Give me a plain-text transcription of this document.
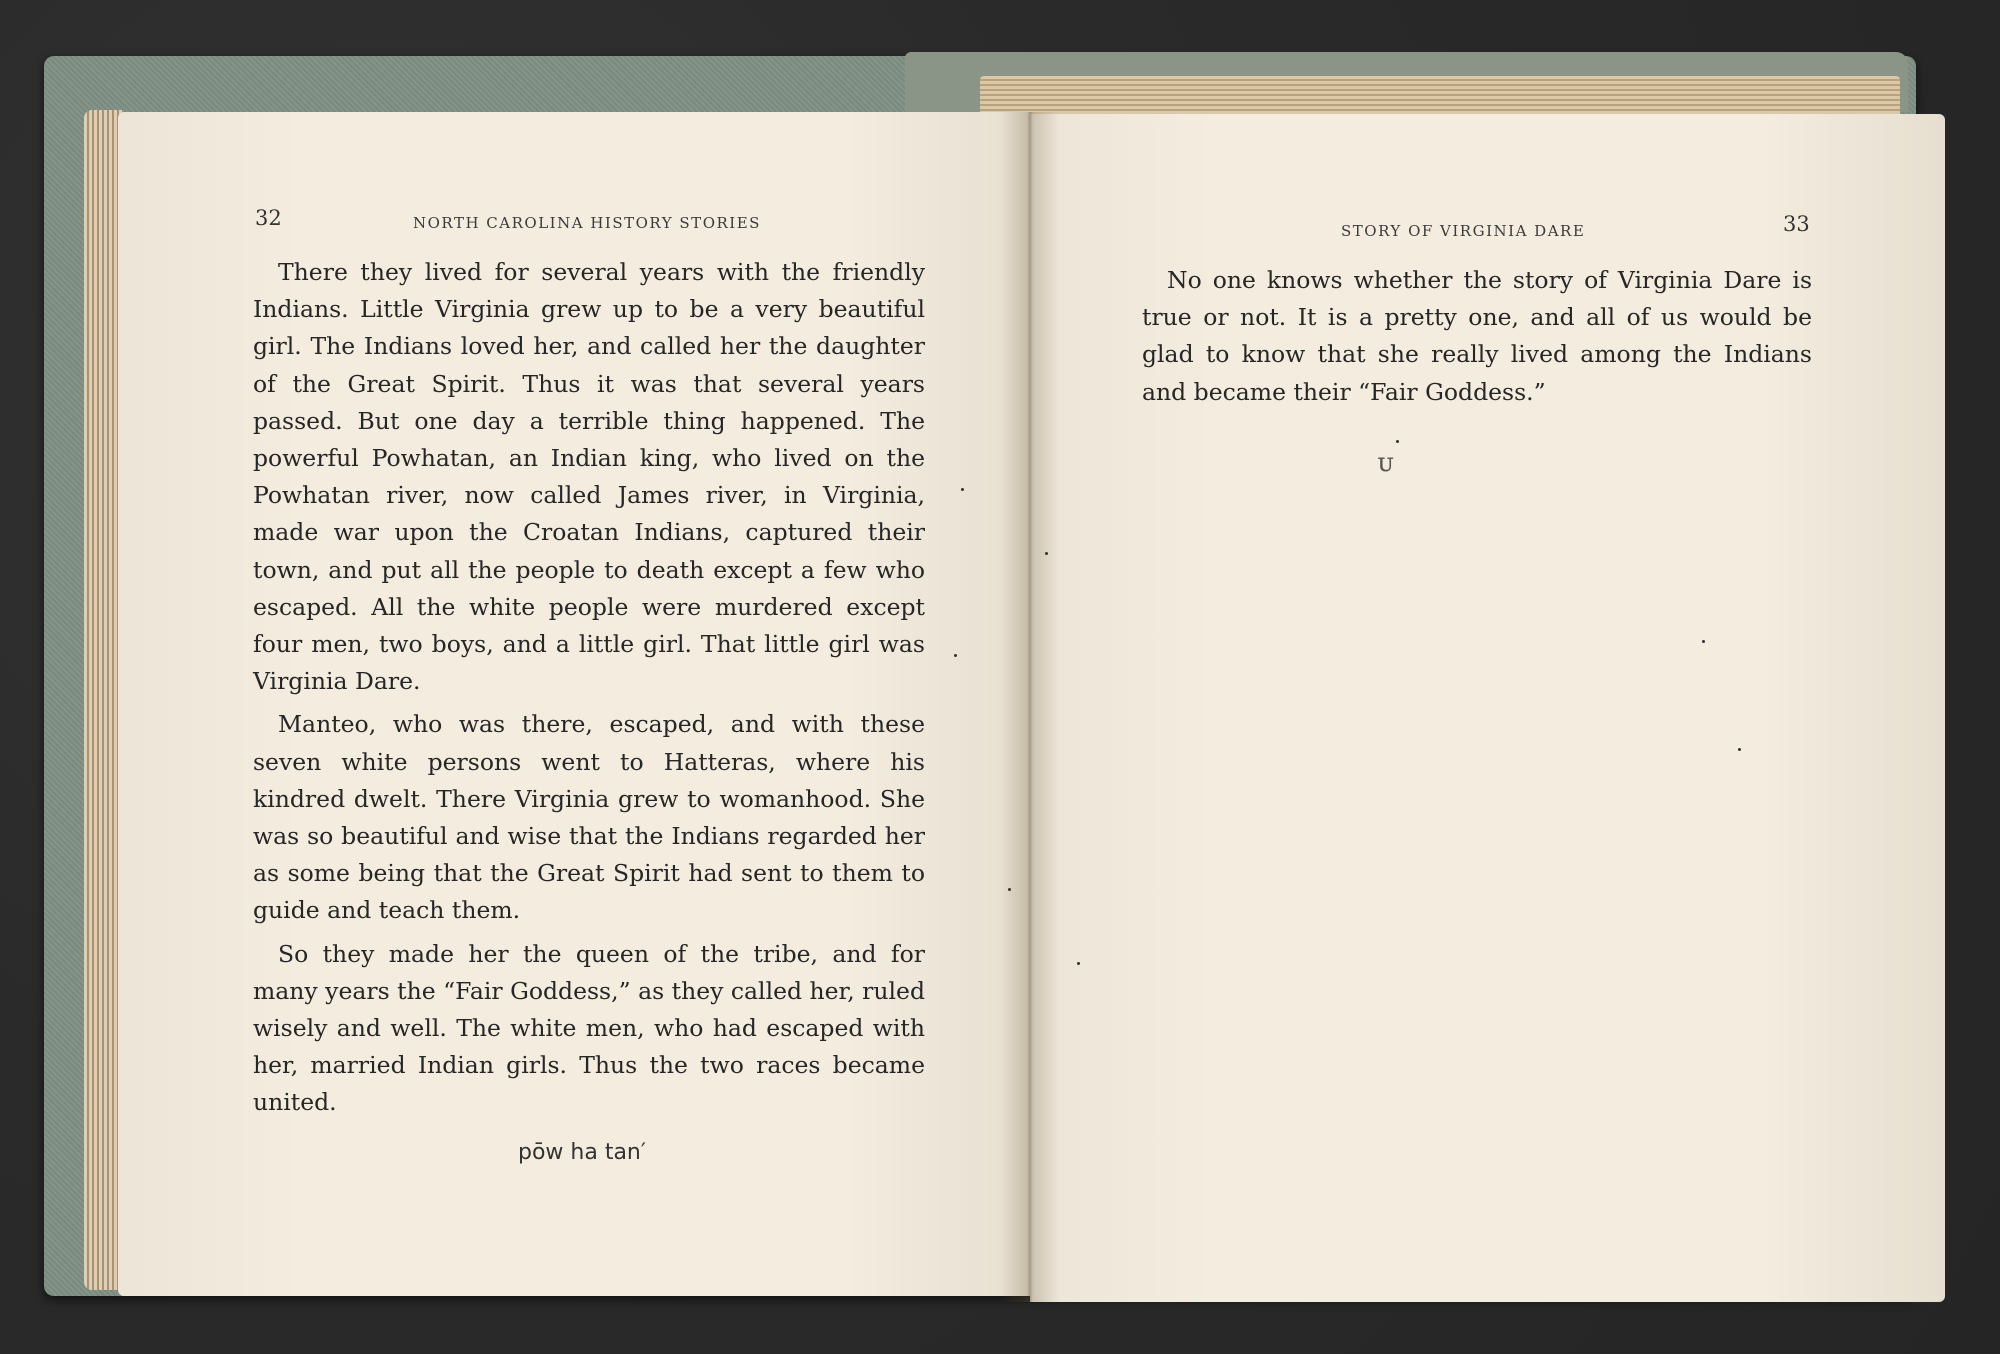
32	NORTH CAROLINA HISTORY STORIES

There they lived for several years with the friendly Indians. Little Virginia grew up to be a very beautiful girl. The Indians loved her, and called her the daughter of the Great Spirit. Thus it was that several years passed. But one day a terrible thing happened. The powerful Powhatan, an Indian king, who lived on the Powhatan river, now called James river, in Virginia, made war upon the Croatan Indians, captured their town, and put all the people to death except a few who escaped. All the white people were murdered except four men, two boys, and a little girl. That little girl was Virginia Dare.

Manteo, who was there, escaped, and with these seven white persons went to Hatteras, where his kindred dwelt. There Virginia grew to womanhood. She was so beautiful and wise that the Indians regarded her as some being that the Great Spirit had sent to them to guide and teach them.

So they made her the queen of the tribe, and for many years the “Fair Goddess,” as they called her, ruled wisely and well. The white men, who had escaped with her, married Indian girls. Thus the two races became united.

pōw ha tan′
STORY OF VIRGINIA DARE	33

No one knows whether the story of Virginia Dare is true or not. It is a pretty one, and all of us would be glad to know that she really lived among the Indians and became their “Fair Goddess.”

ᴜ
